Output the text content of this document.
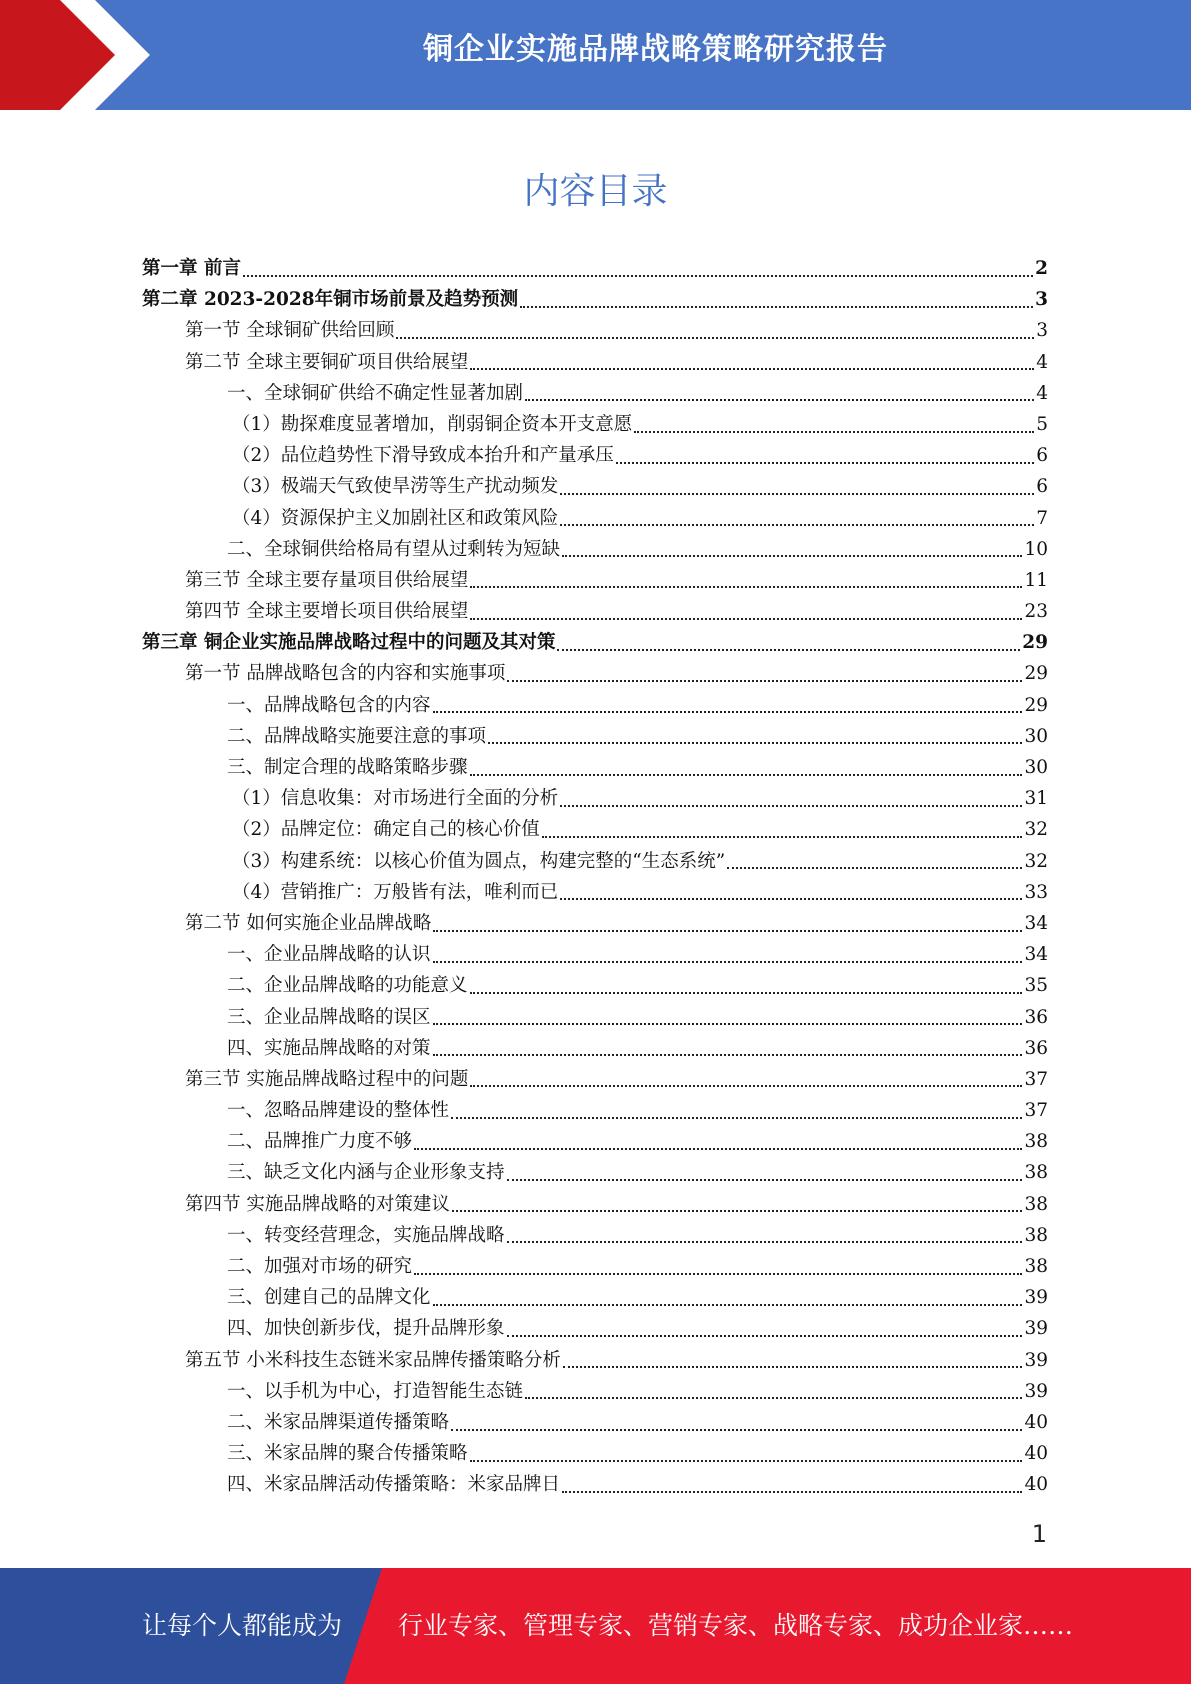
铜企业实施品牌战略策略研究报告
内容目录
第一章 前言	2
第二章 2023-2028年铜市场前景及趋势预测	3
第一节 全球铜矿供给回顾	3
第二节 全球主要铜矿项目供给展望	4
一、全球铜矿供给不确定性显著加剧	4
（1）勘探难度显著增加，削弱铜企资本开支意愿	5
（2）品位趋势性下滑导致成本抬升和产量承压	6
（3）极端天气致使旱涝等生产扰动频发	6
（4）资源保护主义加剧社区和政策风险	7
二、全球铜供给格局有望从过剩转为短缺	10
第三节 全球主要存量项目供给展望	11
第四节 全球主要增长项目供给展望	23
第三章 铜企业实施品牌战略过程中的问题及其对策	29
第一节 品牌战略包含的内容和实施事项	29
一、品牌战略包含的内容	29
二、品牌战略实施要注意的事项	30
三、制定合理的战略策略步骤	30
（1）信息收集：对市场进行全面的分析	31
（2）品牌定位：确定自己的核心价值	32
（3）构建系统：以核心价值为圆点，构建完整的“生态系统”	32
（4）营销推广：万般皆有法，唯利而已	33
第二节 如何实施企业品牌战略	34
一、企业品牌战略的认识	34
二、企业品牌战略的功能意义	35
三、企业品牌战略的误区	36
四、实施品牌战略的对策	36
第三节 实施品牌战略过程中的问题	37
一、忽略品牌建设的整体性	37
二、品牌推广力度不够	38
三、缺乏文化内涵与企业形象支持	38
第四节 实施品牌战略的对策建议	38
一、转变经营理念，实施品牌战略	38
二、加强对市场的研究	38
三、创建自己的品牌文化	39
四、加快创新步伐，提升品牌形象	39
第五节 小米科技生态链米家品牌传播策略分析	39
一、以手机为中心，打造智能生态链	39
二、米家品牌渠道传播策略	40
三、米家品牌的聚合传播策略	40
四、米家品牌活动传播策略：米家品牌日	40
1
让每个人都能成为 行业专家、管理专家、营销专家、战略专家、成功企业家……
